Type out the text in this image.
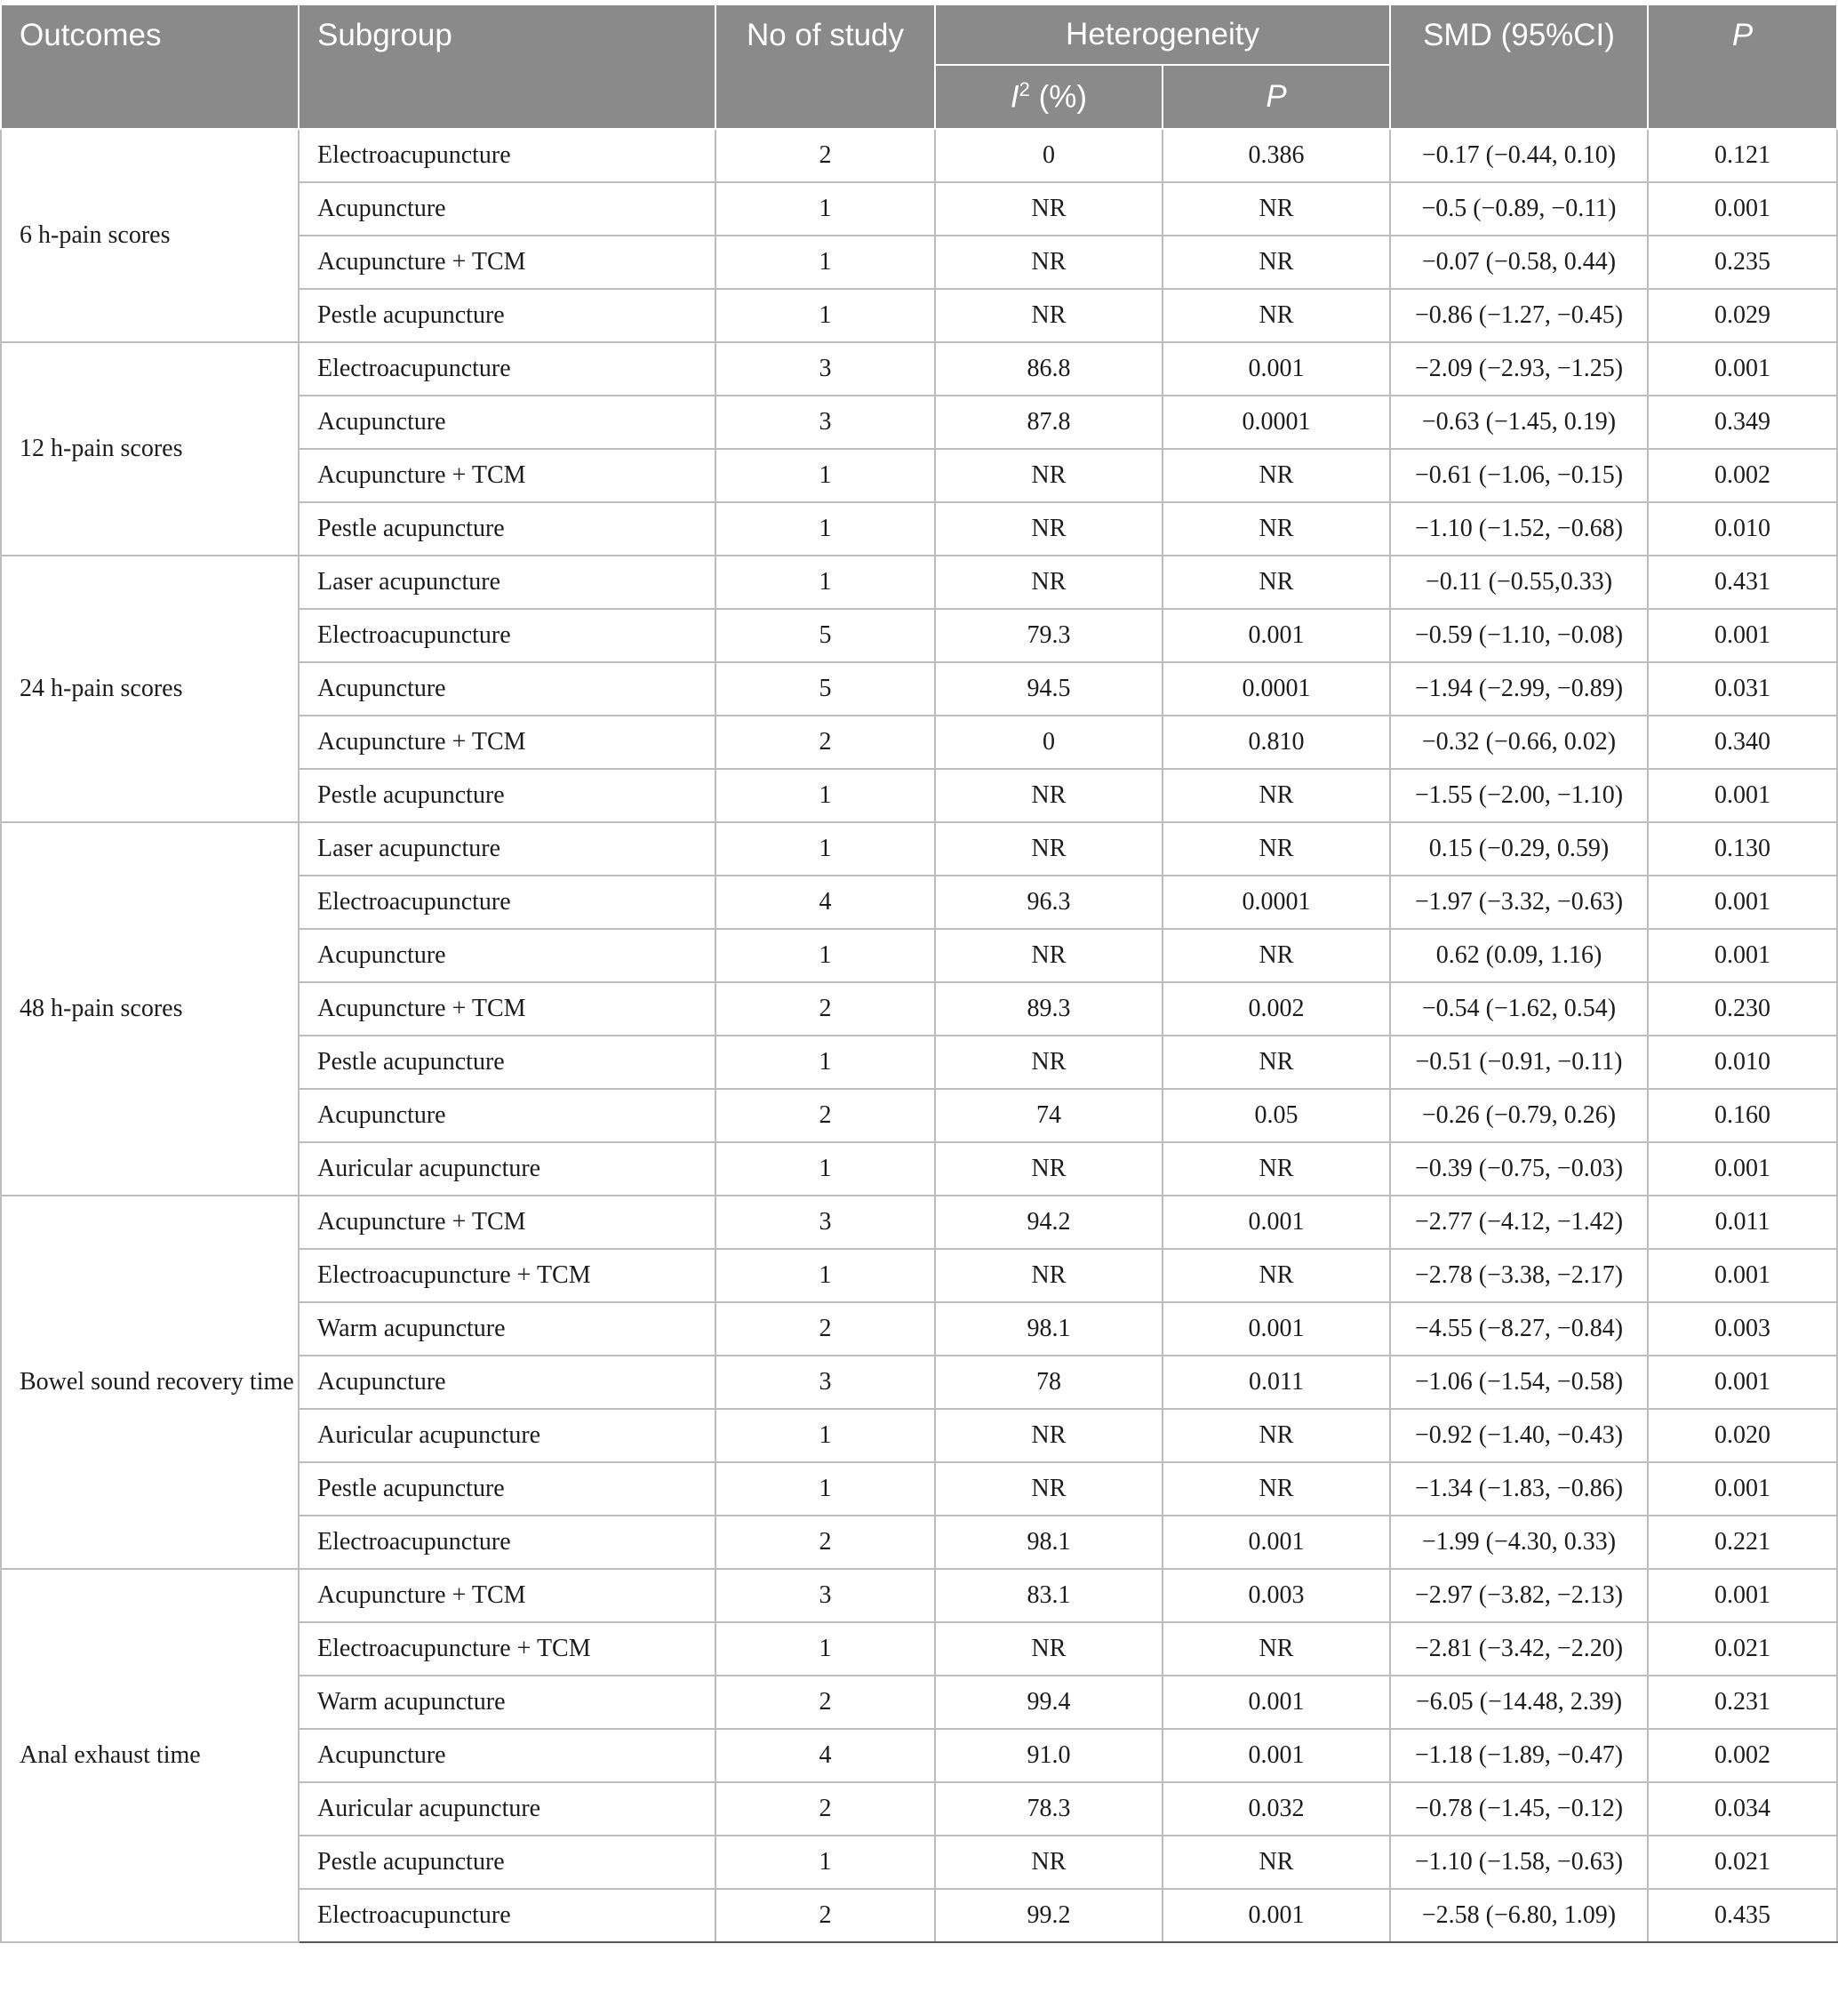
Outcomes	Subgroup	No of study	Heterogeneity		SMD (95%CI)	P
			$I^2$ (%)	P		
6 h-pain scores	Electroacupuncture	2	0	0.386	−0.17 (−0.44, 0.10)	0.121
	Acupuncture	1	NR	NR	−0.5 (−0.89, −0.11)	0.001
	Acupuncture + TCM	1	NR	NR	−0.07 (−0.58, 0.44)	0.235
	Pestle acupuncture	1	NR	NR	−0.86 (−1.27, −0.45)	0.029
12 h-pain scores	Electroacupuncture	3	86.8	0.001	−2.09 (−2.93, −1.25)	0.001
	Acupuncture	3	87.8	0.0001	−0.63 (−1.45, 0.19)	0.349
	Acupuncture + TCM	1	NR	NR	−0.61 (−1.06, −0.15)	0.002
	Pestle acupuncture	1	NR	NR	−1.10 (−1.52, −0.68)	0.010
24 h-pain scores	Laser acupuncture	1	NR	NR	−0.11 (−0.55,0.33)	0.431
	Electroacupuncture	5	79.3	0.001	−0.59 (−1.10, −0.08)	0.001
	Acupuncture	5	94.5	0.0001	−1.94 (−2.99, −0.89)	0.031
	Acupuncture + TCM	2	0	0.810	−0.32 (−0.66, 0.02)	0.340
	Pestle acupuncture	1	NR	NR	−1.55 (−2.00, −1.10)	0.001
48 h-pain scores	Laser acupuncture	1	NR	NR	0.15 (−0.29, 0.59)	0.130
	Electroacupuncture	4	96.3	0.0001	−1.97 (−3.32, −0.63)	0.001
	Acupuncture	1	NR	NR	0.62 (0.09, 1.16)	0.001
	Acupuncture + TCM	2	89.3	0.002	−0.54 (−1.62, 0.54)	0.230
	Pestle acupuncture	1	NR	NR	−0.51 (−0.91, −0.11)	0.010
	Acupuncture	2	74	0.05	−0.26 (−0.79, 0.26)	0.160
	Auricular acupuncture	1	NR	NR	−0.39 (−0.75, −0.03)	0.001
Bowel sound recovery time	Acupuncture + TCM	3	94.2	0.001	−2.77 (−4.12, −1.42)	0.011
	Electroacupuncture + TCM	1	NR	NR	−2.78 (−3.38, −2.17)	0.001
	Warm acupuncture	2	98.1	0.001	−4.55 (−8.27, −0.84)	0.003
	Acupuncture	3	78	0.011	−1.06 (−1.54, −0.58)	0.001
	Auricular acupuncture	1	NR	NR	−0.92 (−1.40, −0.43)	0.020
	Pestle acupuncture	1	NR	NR	−1.34 (−1.83, −0.86)	0.001
	Electroacupuncture	2	98.1	0.001	−1.99 (−4.30, 0.33)	0.221
Anal exhaust time	Acupuncture + TCM	3	83.1	0.003	−2.97 (−3.82, −2.13)	0.001
	Electroacupuncture + TCM	1	NR	NR	−2.81 (−3.42, −2.20)	0.021
	Warm acupuncture	2	99.4	0.001	−6.05 (−14.48, 2.39)	0.231
	Acupuncture	4	91.0	0.001	−1.18 (−1.89, −0.47)	0.002
	Auricular acupuncture	2	78.3	0.032	−0.78 (−1.45, −0.12)	0.034
	Pestle acupuncture	1	NR	NR	−1.10 (−1.58, −0.63)	0.021
	Electroacupuncture	2	99.2	0.001	−2.58 (−6.80, 1.09)	0.435
